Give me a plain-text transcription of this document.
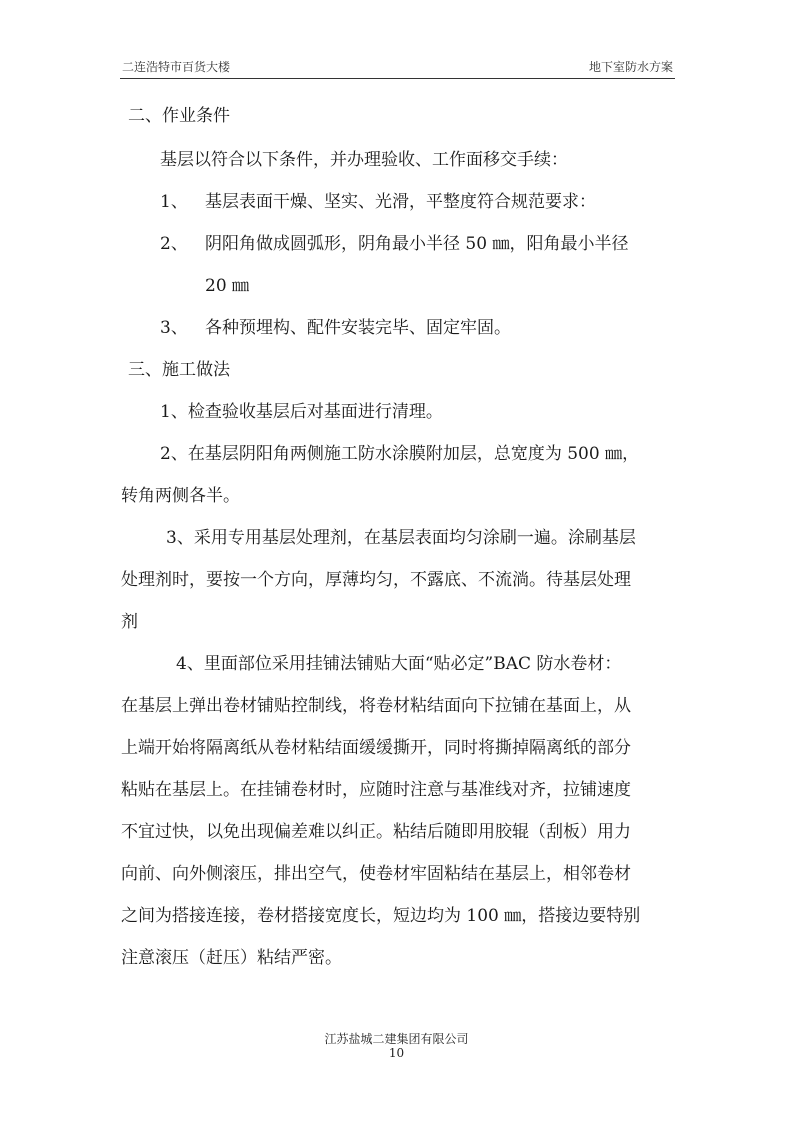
二连浩特市百货大楼	地下室防水方案
二、作业条件
基层以符合以下条件，并办理验收、工作面移交手续：
1、 基层表面干燥、坚实、光滑，平整度符合规范要求：
2、 阴阳角做成圆弧形，阴角最小半径 50 ㎜，阳角最小半径
20 ㎜
3、 各种预埋构、配件安装完毕、固定牢固。
三、施工做法
1、检查验收基层后对基面进行清理。
2、在基层阴阳角两侧施工防水涂膜附加层，总宽度为 500 ㎜，
转角两侧各半。
3、采用专用基层处理剂，在基层表面均匀涂刷一遍。涂刷基层
处理剂时，要按一个方向，厚薄均匀，不露底、不流淌。待基层处理
剂
4、里面部位采用挂铺法铺贴大面“贴必定”BAC 防水卷材：
在基层上弹出卷材铺贴控制线，将卷材粘结面向下拉铺在基面上，从
上端开始将隔离纸从卷材粘结面缓缓撕开，同时将撕掉隔离纸的部分
粘贴在基层上。在挂铺卷材时，应随时注意与基准线对齐，拉铺速度
不宜过快，以免出现偏差难以纠正。粘结后随即用胶辊（刮板）用力
向前、向外侧滚压，排出空气，使卷材牢固粘结在基层上，相邻卷材
之间为搭接连接，卷材搭接宽度长，短边均为 100 ㎜，搭接边要特别
注意滚压（赶压）粘结严密。
江苏盐城二建集团有限公司
10
